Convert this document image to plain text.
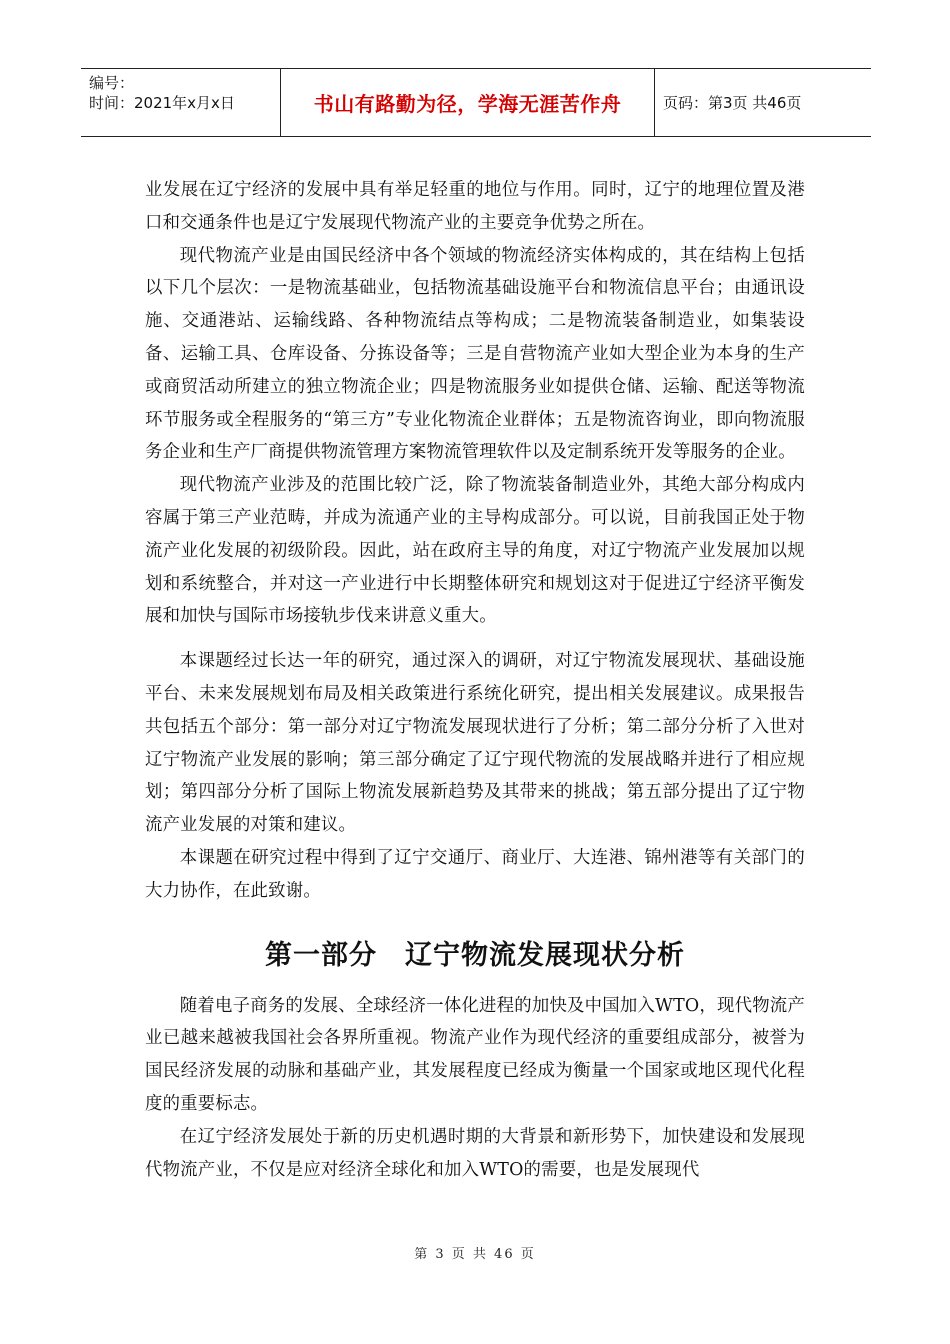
编号：
时间：2021年x月x日	书山有路勤为径，学海无涯苦作舟	页码：第3页 共46页

业发展在辽宁经济的发展中具有举足轻重的地位与作用。同时，辽宁的地理位置及港口和交通条件也是辽宁发展现代物流产业的主要竞争优势之所在。

现代物流产业是由国民经济中各个领域的物流经济实体构成的，其在结构上包括以下几个层次：一是物流基础业，包括物流基础设施平台和物流信息平台；由通讯设施、交通港站、运输线路、各种物流结点等构成；二是物流装备制造业，如集装设备、运输工具、仓库设备、分拣设备等；三是自营物流产业如大型企业为本身的生产或商贸活动所建立的独立物流企业；四是物流服务业如提供仓储、运输、配送等物流环节服务或全程服务的“第三方”专业化物流企业群体；五是物流咨询业，即向物流服务企业和生产厂商提供物流管理方案物流管理软件以及定制系统开发等服务的企业。

现代物流产业涉及的范围比较广泛，除了物流装备制造业外，其绝大部分构成内容属于第三产业范畴，并成为流通产业的主导构成部分。可以说，目前我国正处于物流产业化发展的初级阶段。因此，站在政府主导的角度，对辽宁物流产业发展加以规划和系统整合，并对这一产业进行中长期整体研究和规划这对于促进辽宁经济平衡发展和加快与国际市场接轨步伐来讲意义重大。

本课题经过长达一年的研究，通过深入的调研，对辽宁物流发展现状、基础设施平台、未来发展规划布局及相关政策进行系统化研究，提出相关发展建议。成果报告共包括五个部分：第一部分对辽宁物流发展现状进行了分析；第二部分分析了入世对辽宁物流产业发展的影响；第三部分确定了辽宁现代物流的发展战略并进行了相应规划；第四部分分析了国际上物流发展新趋势及其带来的挑战；第五部分提出了辽宁物流产业发展的对策和建议。

本课题在研究过程中得到了辽宁交通厅、商业厅、大连港、锦州港等有关部门的大力协作，在此致谢。

第一部分　辽宁物流发展现状分析

随着电子商务的发展、全球经济一体化进程的加快及中国加入WTO，现代物流产业已越来越被我国社会各界所重视。物流产业作为现代经济的重要组成部分，被誉为国民经济发展的动脉和基础产业，其发展程度已经成为衡量一个国家或地区现代化程度的重要标志。

在辽宁经济发展处于新的历史机遇时期的大背景和新形势下，加快建设和发展现代物流产业，不仅是应对经济全球化和加入WTO的需要，也是发展现代

第 3 页 共 46 页
